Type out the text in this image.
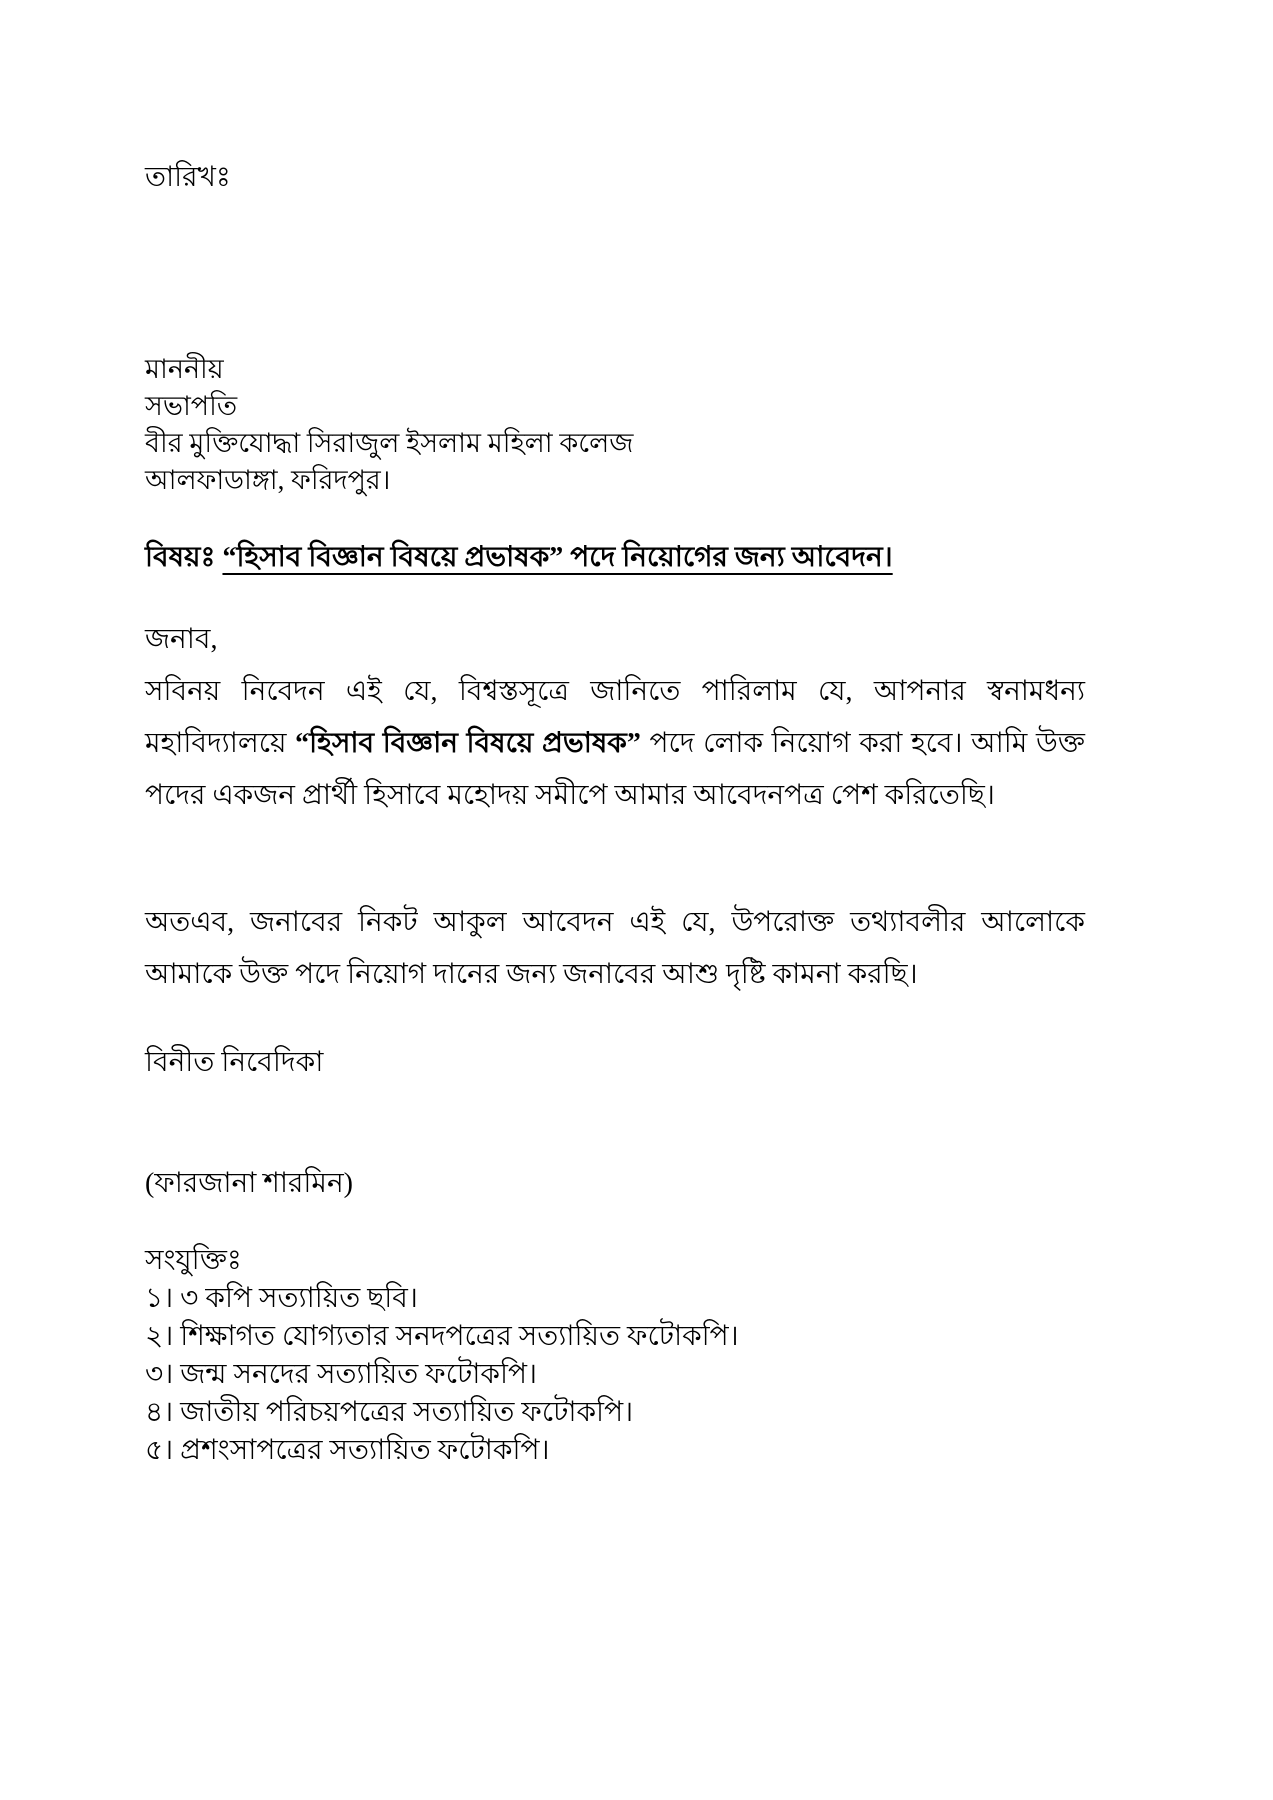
তারিখঃ
মাননীয়
সভাপতি
বীর মুক্তিযোদ্ধা সিরাজুল ইসলাম মহিলা কলেজ
আলফাডাঙ্গা, ফরিদপুর।
বিষয়ঃ “হিসাব বিজ্ঞান বিষয়ে প্রভাষক” পদে নিয়োগের জন্য আবেদন।
জনাব,
সবিনয় নিবেদন এই যে, বিশ্বস্তসূত্রে জানিতে পারিলাম যে, আপনার স্বনামধন্য মহাবিদ্যালয়ে “হিসাব বিজ্ঞান বিষয়ে প্রভাষক” পদে লোক নিয়োগ করা হবে। আমি উক্ত পদের একজন প্রার্থী হিসাবে মহোদয় সমীপে আমার আবেদনপত্র পেশ করিতেছি।
অতএব, জনাবের নিকট আকুল আবেদন এই যে, উপরোক্ত তথ্যাবলীর আলোকে আমাকে উক্ত পদে নিয়োগ দানের জন্য জনাবের আশু দৃষ্টি কামনা করছি।
বিনীত নিবেদিকা
(ফারজানা শারমিন)
সংযুক্তিঃ
১। ৩ কপি সত্যায়িত ছবি।
২। শিক্ষাগত যোগ্যতার সনদপত্রের সত্যায়িত ফটোকপি।
৩। জন্ম সনদের সত্যায়িত ফটোকপি।
৪। জাতীয় পরিচয়পত্রের সত্যায়িত ফটোকপি।
৫। প্রশংসাপত্রের সত্যায়িত ফটোকপি।
